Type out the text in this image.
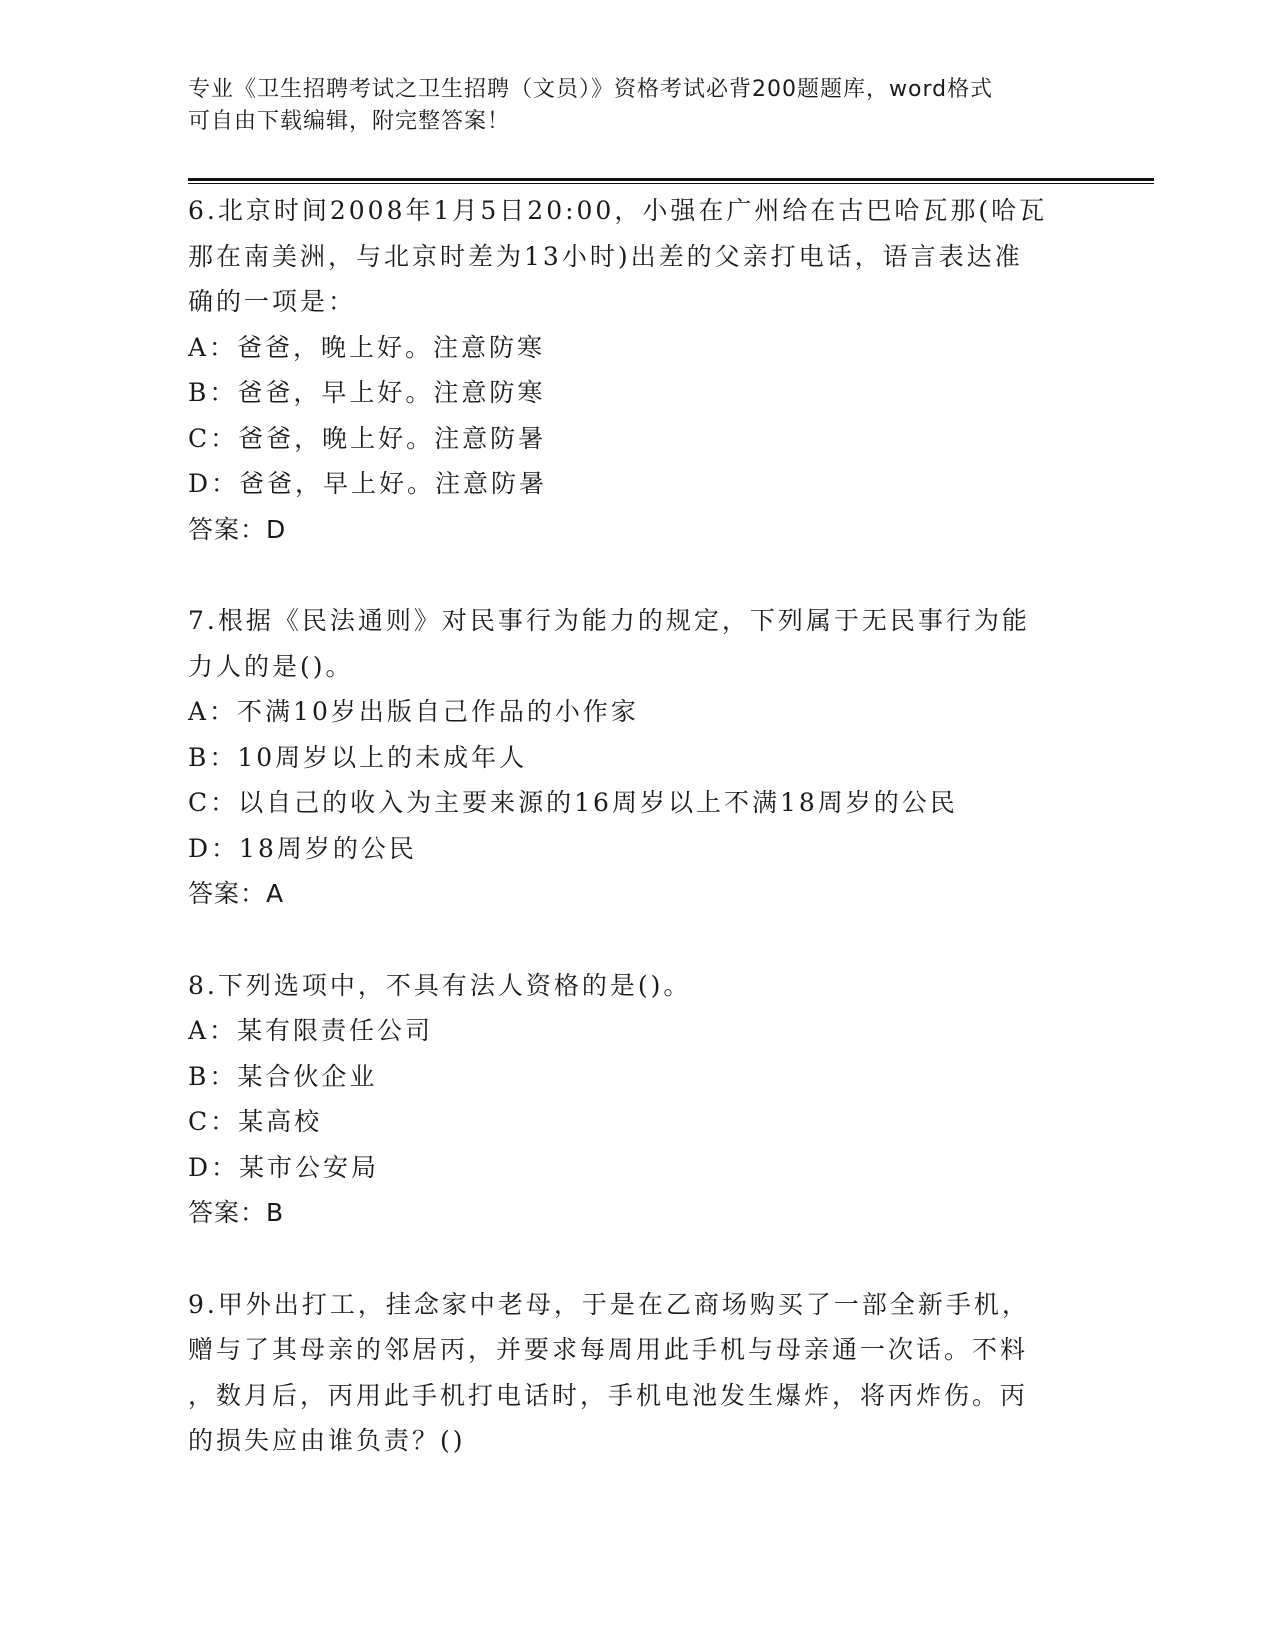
专业《卫生招聘考试之卫生招聘（文员）》资格考试必背200题题库，word格式
可自由下载编辑，附完整答案！
6.北京时间2008年1月5日20:00，小强在广州给在古巴哈瓦那(哈瓦
那在南美洲，与北京时差为13小时)出差的父亲打电话，语言表达准
确的一项是：
A：爸爸，晚上好。注意防寒
B：爸爸，早上好。注意防寒
C：爸爸，晚上好。注意防暑
D：爸爸，早上好。注意防暑
答案：D
7.根据《民法通则》对民事行为能力的规定，下列属于无民事行为能
力人的是()。
A：不满10岁出版自己作品的小作家
B：10周岁以上的未成年人
C：以自己的收入为主要来源的16周岁以上不满18周岁的公民
D：18周岁的公民
答案：A
8.下列选项中，不具有法人资格的是()。
A：某有限责任公司
B：某合伙企业
C：某高校
D：某市公安局
答案：B
9.甲外出打工，挂念家中老母，于是在乙商场购买了一部全新手机，
赠与了其母亲的邻居丙，并要求每周用此手机与母亲通一次话。不料
，数月后，丙用此手机打电话时，手机电池发生爆炸，将丙炸伤。丙
的损失应由谁负责？()
